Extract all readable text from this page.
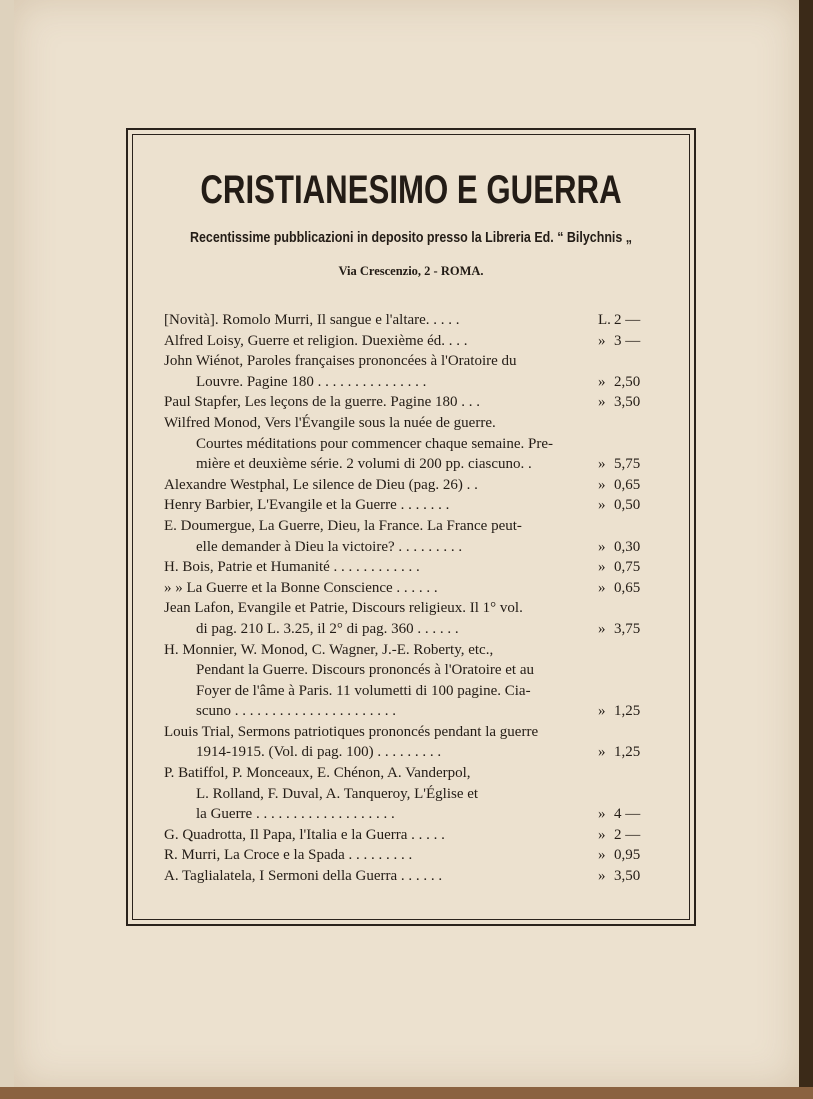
CRISTIANESIMO E GUERRA
Recentissime pubblicazioni in deposito presso la Libreria Ed. “ Bilychnis „
Via Crescenzio, 2 - ROMA.
[Novità]. Romolo Murri, Il sangue e l'altare. . . . .	L. 2 —
Alfred Loisy, Guerre et religion. Duexième éd. . . .	» 3 —
John Wiénot, Paroles françaises prononcées à l'Oratoire du
Louvre. Pagine 180 . . . . . . . . . . . . . . .	» 2,50
Paul Stapfer, Les leçons de la guerre. Pagine 180 . . .	» 3,50
Wilfred Monod, Vers l'Évangile sous la nuée de guerre.
Courtes méditations pour commencer chaque semaine. Pre-
mière et deuxième série. 2 volumi di 200 pp. ciascuno. .	» 5,75
Alexandre Westphal, Le silence de Dieu (pag. 26) . .	» 0,65
Henry Barbier, L'Evangile et la Guerre . . . . . . .	» 0,50
E. Doumergue, La Guerre, Dieu, la France. La France peut-
elle demander à Dieu la victoire? . . . . . . . . .	» 0,30
H. Bois, Patrie et Humanité . . . . . . . . . . . .	» 0,75
» » La Guerre et la Bonne Conscience . . . . . .	» 0,65
Jean Lafon, Evangile et Patrie, Discours religieux. Il 1° vol.
di pag. 210 L. 3.25, il 2° di pag. 360 . . . . . .	» 3,75
H. Monnier, W. Monod, C. Wagner, J.-E. Roberty, etc.,
Pendant la Guerre. Discours prononcés à l'Oratoire et au
Foyer de l'âme à Paris. 11 volumetti di 100 pagine. Cia-
scuno . . . . . . . . . . . . . . . . . . . . . .	» 1,25
Louis Trial, Sermons patriotiques prononcés pendant la guerre
1914-1915. (Vol. di pag. 100) . . . . . . . . .	» 1,25
P. Batiffol, P. Monceaux, E. Chénon, A. Vanderpol,
L. Rolland, F. Duval, A. Tanqueroy, L'Église et
la Guerre . . . . . . . . . . . . . . . . . . .	» 4 —
G. Quadrotta, Il Papa, l'Italia e la Guerra . . . . .	» 2 —
R. Murri, La Croce e la Spada . . . . . . . . .	» 0,95
A. Taglialatela, I Sermoni della Guerra . . . . . .	» 3,50
